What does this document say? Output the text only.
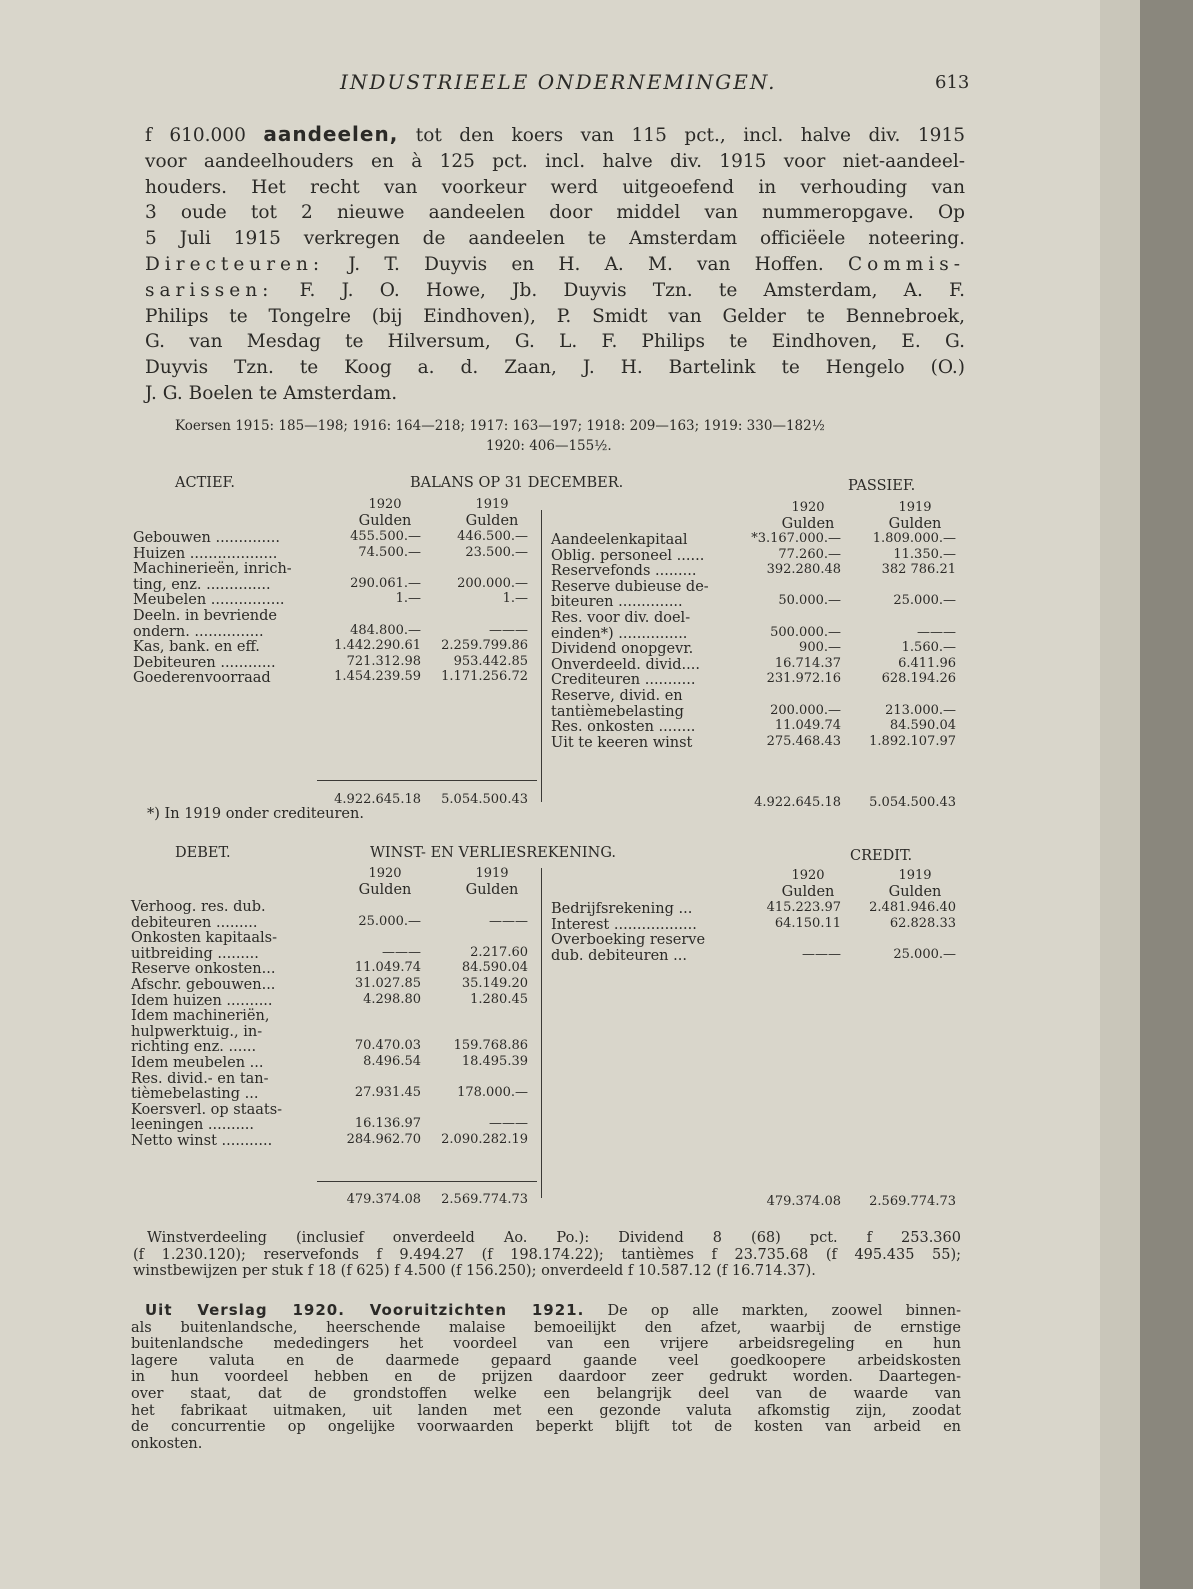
INDUSTRIEELE ONDERNEMINGEN.	613

f 610.000 aandeelen, tot den koers van 115 pct., incl. halve div. 1915

voor aandeelhouders en à 125 pct. incl. halve div. 1915 voor niet-aandeel-

houders. Het recht van voorkeur werd uitgeoefend in verhouding van

3 oude tot 2 nieuwe aandeelen door middel van nummeropgave. Op

5 Juli 1915 verkregen de aandeelen te Amsterdam officiëele noteering.

Directeuren: J. T. Duyvis en H. A. M. van Hoffen. Commis-

sarissen: F. J. O. Howe, Jb. Duyvis Tzn. te Amsterdam, A. F.

Philips te Tongelre (bij Eindhoven), P. Smidt van Gelder te Bennebroek,

G. van Mesdag te Hilversum, G. L. F. Philips te Eindhoven, E. G.

Duyvis Tzn. te Koog a. d. Zaan, J. H. Bartelink te Hengelo (O.)

J. G. Boelen te Amsterdam.

Koersen 1915: 185—198; 1916: 164—218; 1917: 163—197; 1918: 209—163; 1919: 330—182½
1920: 406—155½.
ACTIEF.	BALANS OP 31 DECEMBER.	PASSIEF.
1920	1919
Gulden	Gulden
1920	1919
Gulden	Gulden
Gebouwen ..............	455.500.—	446.500.—
Huizen ...................	74.500.—	23.500.—
Machinerieën, inrich-
ting, enz. ..............	290.061.—	200.000.—
Meubelen ................	1.—	1.—
Deeln. in bevriende
ondern. ...............	484.800.—	———
Kas, bank. en eff.	1.442.290.61	2.259.799.86
Debiteuren ............	721.312.98	953.442.85
Goederenvoorraad	1.454.239.59	1.171.256.72
Aandeelenkapitaal	*3.167.000.—	1.809.000.—
Oblig. personeel ......	77.260.—	11.350.—
Reservefonds .........	392.280.48	382 786.21
Reserve dubieuse de-
biteuren ..............	50.000.—	25.000.—
Res. voor div. doel-
einden*) ...............	500.000.—	———
Dividend onopgevr.	900.—	1.560.—
Onverdeeld. divid....	16.714.37	6.411.96
Crediteuren ...........	231.972.16	628.194.26
Reserve, divid. en
tantièmebelasting	200.000.—	213.000.—
Res. onkosten ........	11.049.74	84.590.04
Uit te keeren winst	275.468.43	1.892.107.97
4.922.645.18	5.054.500.43	4.922.645.18	5.054.500.43
*) In 1919 onder crediteuren.
DEBET.	WINST- EN VERLIESREKENING.	CREDIT.
1920	1919
Gulden	Gulden
1920	1919
Gulden	Gulden
Verhoog. res. dub.
debiteuren .........	25.000.—	———
Onkosten kapitaals-
uitbreiding .........	———	2.217.60
Reserve onkosten...	11.049.74	84.590.04
Afschr. gebouwen...	31.027.85	35.149.20
Idem huizen ..........	4.298.80	1.280.45
Idem machineriën,
hulpwerktuig., in-
richting enz. ......	70.470.03	159.768.86
Idem meubelen ...	8.496.54	18.495.39
Res. divid.- en tan-
tièmebelasting ...	27.931.45	178.000.—
Koersverl. op staats-
leeningen ..........	16.136.97	———
Netto winst ...........	284.962.70	2.090.282.19
Bedrijfsrekening ...	415.223.97	2.481.946.40
Interest ..................	64.150.11	62.828.33
Overboeking reserve
dub. debiteuren ...	———	25.000.—
479.374.08	2.569.774.73	479.374.08	2.569.774.73

Winstverdeeling (inclusief onverdeeld Ao. Po.): Dividend 8 (68) pct. f 253.360

(f 1.230.120); reservefonds f 9.494.27 (f 198.174.22); tantièmes f 23.735.68 (f 495.435 55);

winstbewijzen per stuk f 18 (f 625) f 4.500 (f 156.250); onverdeeld f 10.587.12 (f 16.714.37).

Uit Verslag 1920. Vooruitzichten 1921. De op alle markten, zoowel binnen-

als buitenlandsche, heerschende malaise bemoeilijkt den afzet, waarbij de ernstige

buitenlandsche mededingers het voordeel van een vrijere arbeidsregeling en hun

lagere valuta en de daarmede gepaard gaande veel goedkoopere arbeidskosten

in hun voordeel hebben en de prijzen daardoor zeer gedrukt worden. Daartegen-

over staat, dat de grondstoffen welke een belangrijk deel van de waarde van

het fabrikaat uitmaken, uit landen met een gezonde valuta afkomstig zijn, zoodat

de concurrentie op ongelijke voorwaarden beperkt blijft tot de kosten van arbeid en

onkosten.
